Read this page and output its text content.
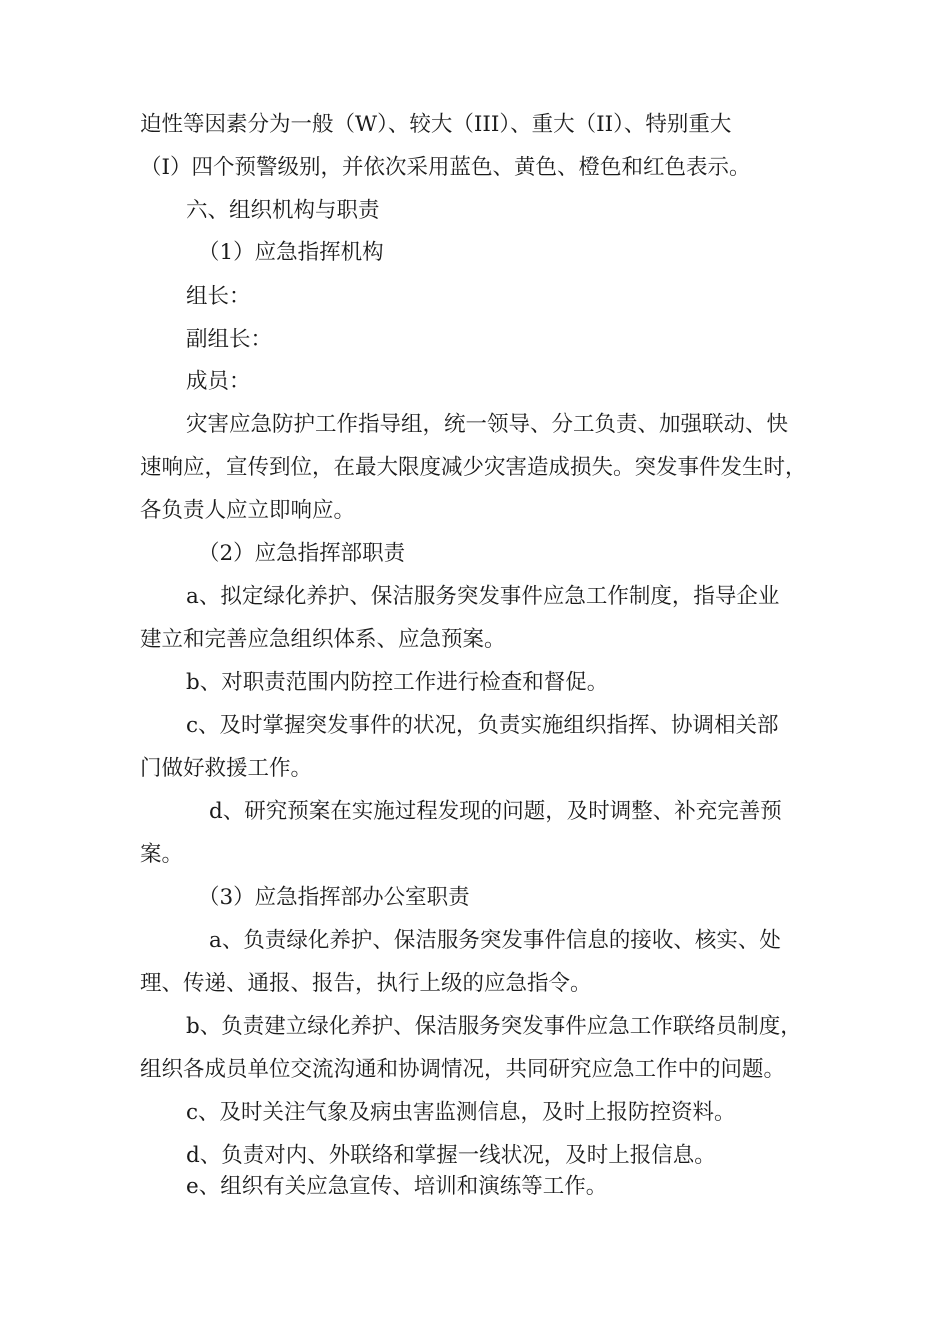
迫性等因素分为一般（W）、较大（III）、重大（II）、特别重大
（I）四个预警级别，并依次采用蓝色、黄色、橙色和红色表示。
六、组织机构与职责
（1）应急指挥机构
组长：
副组长：
成员：
灾害应急防护工作指导组，统一领导、分工负责、加强联动、快
速响应，宣传到位，在最大限度减少灾害造成损失。突发事件发生时，
各负责人应立即响应。
（2）应急指挥部职责
a、拟定绿化养护、保洁服务突发事件应急工作制度，指导企业
建立和完善应急组织体系、应急预案。
b、对职责范围内防控工作进行检查和督促。
c、及时掌握突发事件的状况，负责实施组织指挥、协调相关部
门做好救援工作。
d、研究预案在实施过程发现的问题，及时调整、补充完善预
案。
（3）应急指挥部办公室职责
a、负责绿化养护、保洁服务突发事件信息的接收、核实、处
理、传递、通报、报告，执行上级的应急指令。
b、负责建立绿化养护、保洁服务突发事件应急工作联络员制度，
组织各成员单位交流沟通和协调情况，共同研究应急工作中的问题。
c、及时关注气象及病虫害监测信息，及时上报防控资料。
d、负责对内、外联络和掌握一线状况，及时上报信息。
e、组织有关应急宣传、培训和演练等工作。
